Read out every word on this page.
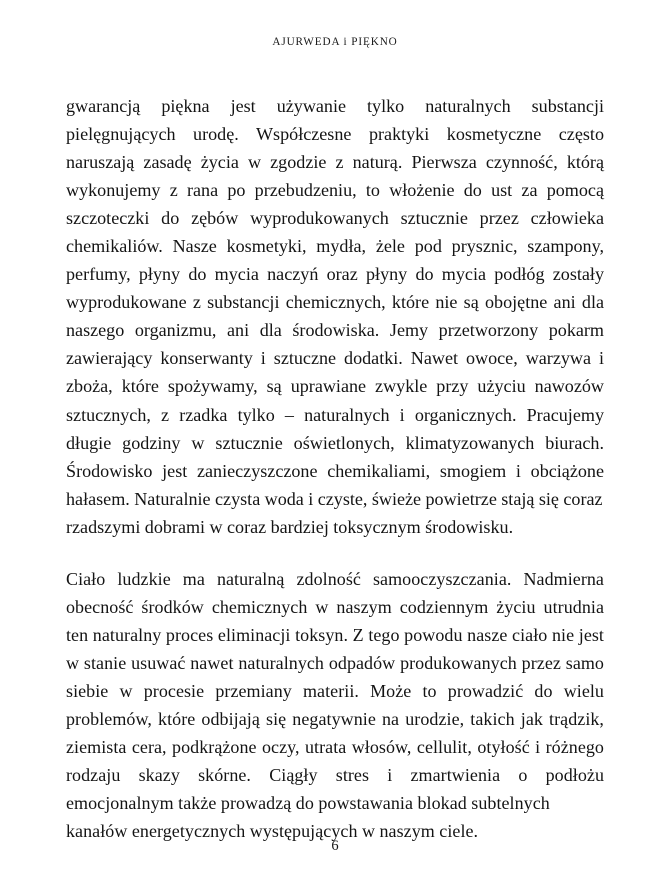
AJURWEDA i PIĘKNO

gwarancją piękna jest używanie tylko naturalnych substancji pielęgnujących urodę. Współczesne praktyki kosmetyczne często naruszają zasadę życia w zgodzie z naturą. Pierwsza czynność, którą wykonujemy z rana po przebudzeniu, to włożenie do ust za pomocą szczoteczki do zębów wyprodukowanych sztucznie przez człowieka chemikaliów. Nasze kosmetyki, mydła, żele pod prysznic, szampony, perfumy, płyny do mycia naczyń oraz płyny do mycia podłóg zostały wyprodukowane z substancji chemicznych, które nie są obojętne ani dla naszego organizmu, ani dla środowiska. Jemy przetworzony pokarm zawierający konserwanty i sztuczne dodatki. Nawet owoce, warzywa i zboża, które spożywamy, są uprawiane zwykle przy użyciu nawozów sztucznych, z rzadka tylko – naturalnych i organicznych. Pracujemy długie godziny w sztucznie oświetlonych, klimatyzowanych biurach. Środowisko jest zanieczyszczone chemikaliami, smogiem i obciążone hałasem. Naturalnie czysta woda i czyste, świeże powietrze stają się coraz
rzadszymi dobrami w coraz bardziej toksycznym środowisku.

Ciało ludzkie ma naturalną zdolność samooczyszczania. Nadmierna obecność środków chemicznych w naszym codziennym życiu utrudnia ten naturalny proces eliminacji toksyn. Z tego powodu nasze ciało nie jest w stanie usuwać nawet naturalnych odpadów produkowanych przez samo siebie w procesie przemiany materii. Może to prowadzić do wielu problemów, które odbijają się negatywnie na urodzie, takich jak trądzik, ziemista cera, podkrążone oczy, utrata włosów, cellulit, otyłość i różnego rodzaju skazy skórne. Ciągły stres i zmartwienia o podłożu emocjonalnym także prowadzą do powstawania blokad subtelnych
kanałów energetycznych występujących w naszym ciele.

6
